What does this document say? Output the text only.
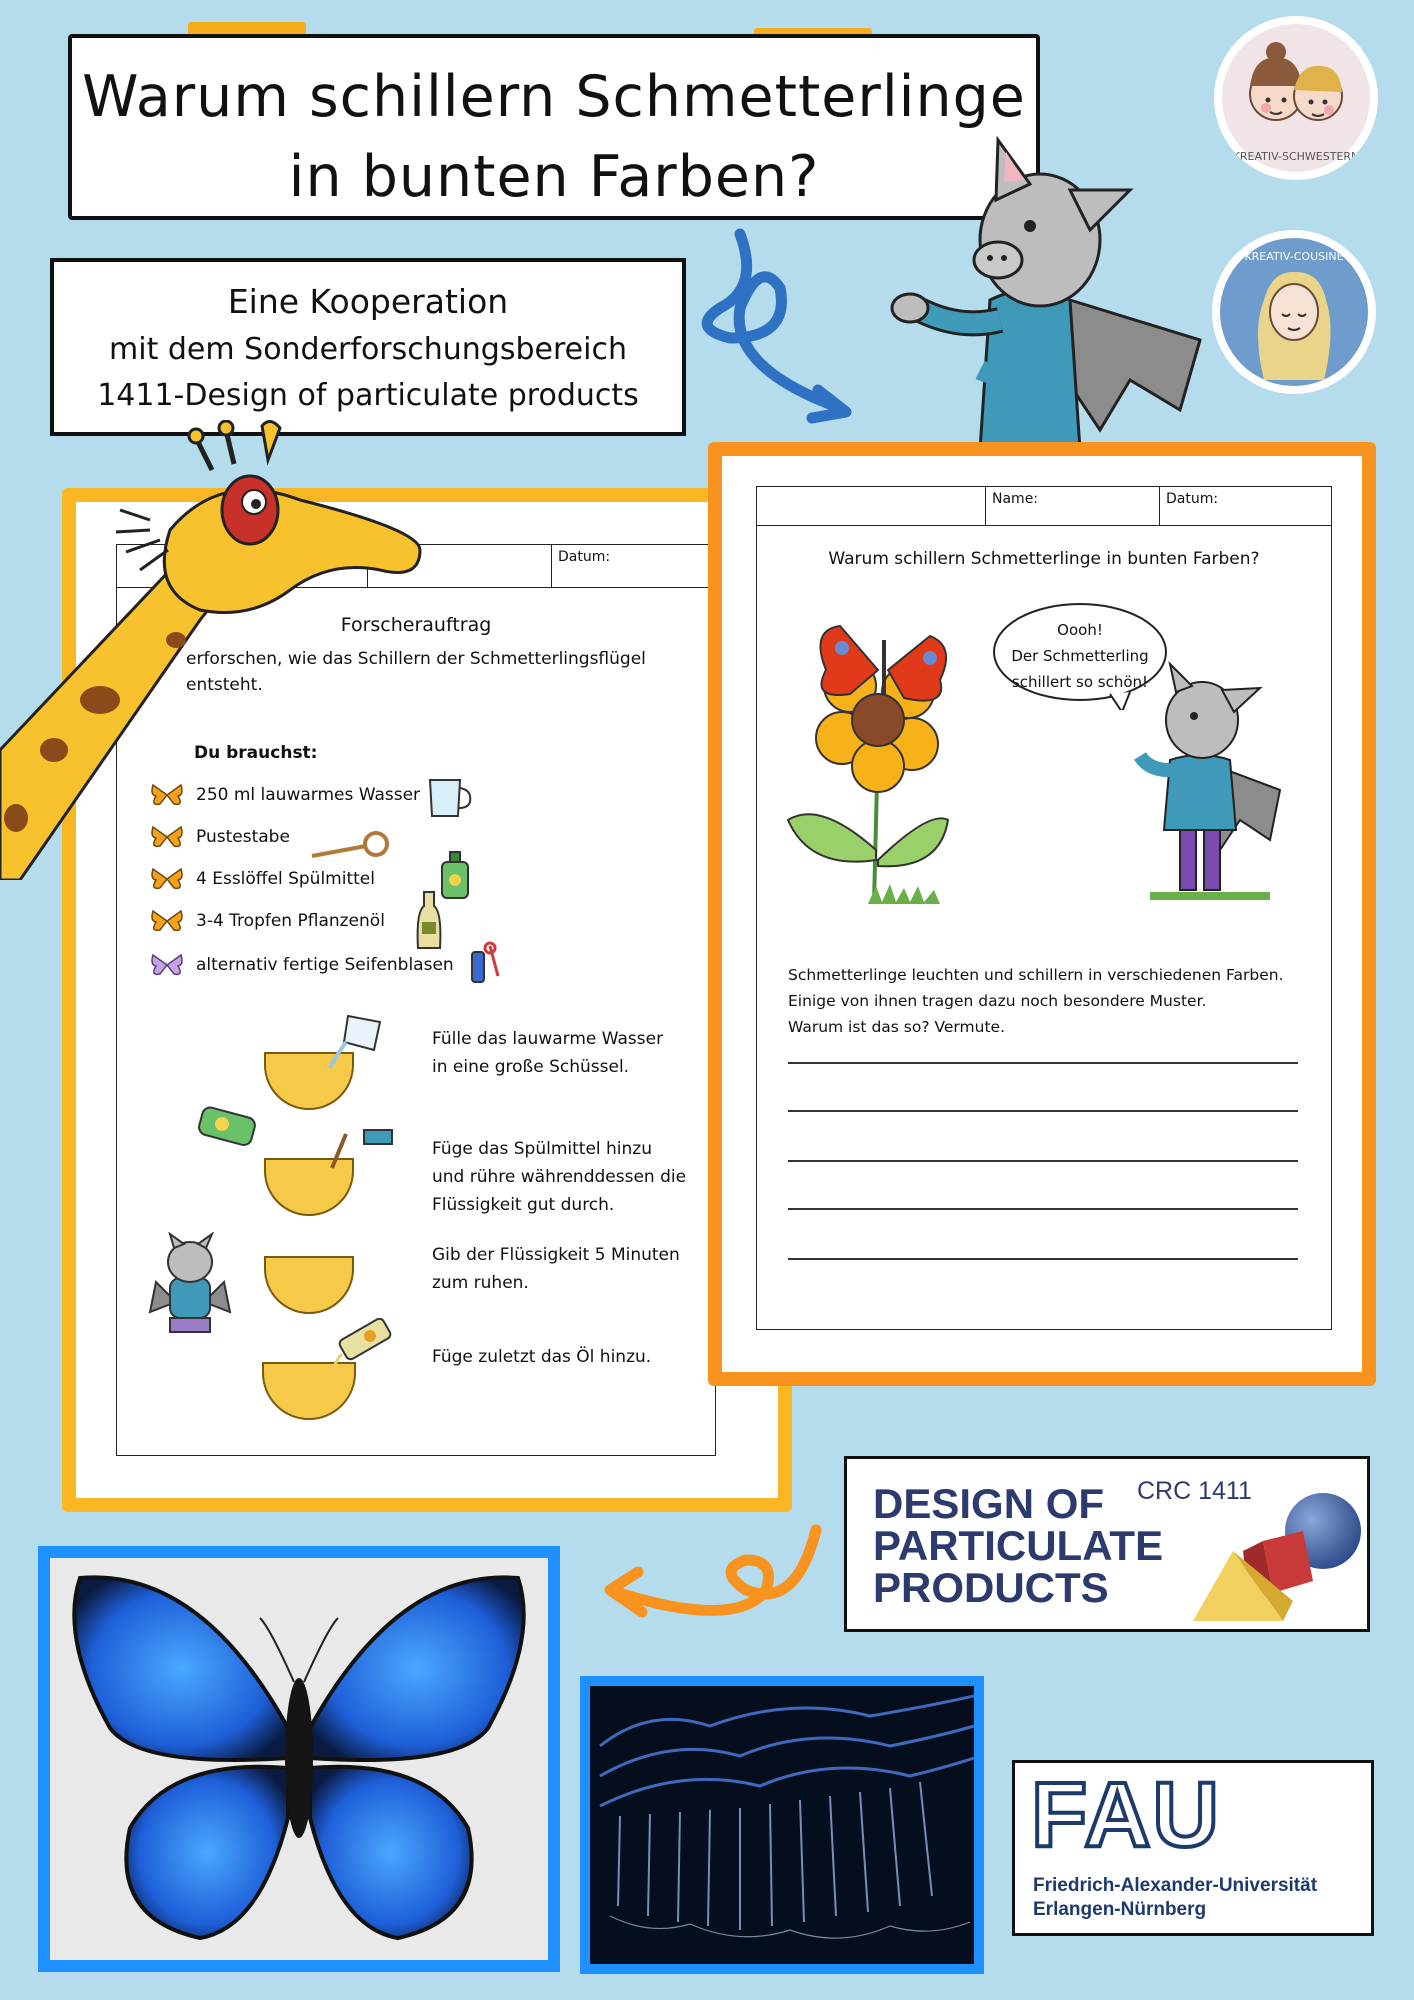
Warum schillern Schmetterlinge
in bunten Farben?
Eine Kooperation
mit dem Sonderforschungsbereich
1411-Design of particulate products
KREATIV-SCHWESTERN
KREATIV-COUSINE
Datum:
Forscherauftrag
erforschen, wie das Schillern der Schmetterlingsflügel
entsteht.
Du brauchst:
250 ml lauwarmes Wasser
Pustestabe
4 Esslöffel Spülmittel
3-4 Tropfen Pflanzenöl
alternativ fertige Seifenblasen
Fülle das lauwarme Wasser
in eine große Schüssel.
Füge das Spülmittel hinzu
und rühre währenddessen die
Flüssigkeit gut durch.
Gib der Flüssigkeit 5 Minuten
zum ruhen.
Füge zuletzt das Öl hinzu.
Name:	Datum:
Warum schillern Schmetterlinge in bunten Farben?
Oooh!
Der Schmetterling
schillert so schön!
Schmetterlinge leuchten und schillern in verschiedenen Farben.
Einige von ihnen tragen dazu noch besondere Muster.
Warum ist das so? Vermute.
DESIGN OF
PARTICULATE
PRODUCTS
CRC 1411
FAU
Friedrich-Alexander-Universität
Erlangen-Nürnberg
